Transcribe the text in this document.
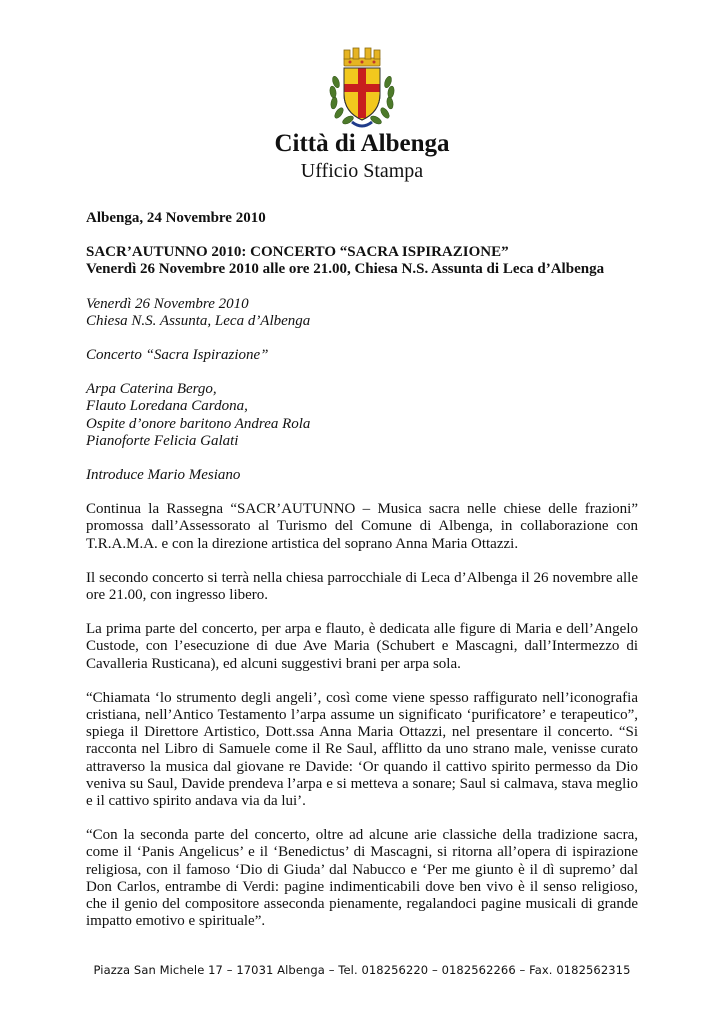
Città di Albenga
Ufficio Stampa

Albenga, 24 Novembre 2010

SACR’AUTUNNO 2010: CONCERTO “SACRA ISPIRAZIONE”

Venerdì 26 Novembre 2010 alle ore 21.00, Chiesa N.S. Assunta di Leca d’Albenga

Venerdì 26 Novembre 2010

Chiesa N.S. Assunta, Leca d’Albenga

Concerto “Sacra Ispirazione”

Arpa Caterina Bergo,

Flauto Loredana Cardona,

Ospite d’onore baritono Andrea Rola

Pianoforte Felicia Galati

Introduce Mario Mesiano

Continua la Rassegna “SACR’AUTUNNO – Musica sacra nelle chiese delle frazioni” promossa dall’Assessorato al Turismo del Comune di Albenga, in collaborazione con T.R.A.M.A. e con la direzione artistica del soprano Anna Maria Ottazzi.

Il secondo concerto si terrà nella chiesa parrocchiale di Leca d’Albenga il 26 novembre alle ore 21.00, con ingresso libero.

La prima parte del concerto, per arpa e flauto, è dedicata alle figure di Maria e dell’Angelo Custode, con l’esecuzione di due Ave Maria (Schubert e Mascagni, dall’Intermezzo di Cavalleria Rusticana), ed alcuni suggestivi brani per arpa sola.

“Chiamata ‘lo strumento degli angeli’, così come viene spesso raffigurato nell’iconografia cristiana, nell’Antico Testamento l’arpa assume un significato ‘purificatore’ e terapeutico”, spiega il Direttore Artistico, Dott.ssa Anna Maria Ottazzi, nel presentare il concerto. “Si racconta nel Libro di Samuele come il Re Saul, afflitto da uno strano male, venisse curato attraverso la musica dal giovane re Davide: ‘Or quando il cattivo spirito permesso da Dio veniva su Saul, Davide prendeva l’arpa e si metteva a sonare; Saul si calmava, stava meglio e il cattivo spirito andava via da lui’.

“Con la seconda parte del concerto, oltre ad alcune arie classiche della tradizione sacra, come il ‘Panis Angelicus’ e il ‘Benedictus’ di Mascagni, si ritorna all’opera di ispirazione religiosa, con il famoso ‘Dio di Giuda’ dal Nabucco e ‘Per me giunto è il dì supremo’ dal Don Carlos, entrambe di Verdi: pagine indimenticabili dove ben vivo è il senso religioso, che il genio del compositore asseconda pienamente, regalandoci pagine musicali di grande impatto emotivo e spirituale”.

Piazza San Michele 17 – 17031 Albenga – Tel. 018256220 – 0182562266 – Fax. 0182562315
